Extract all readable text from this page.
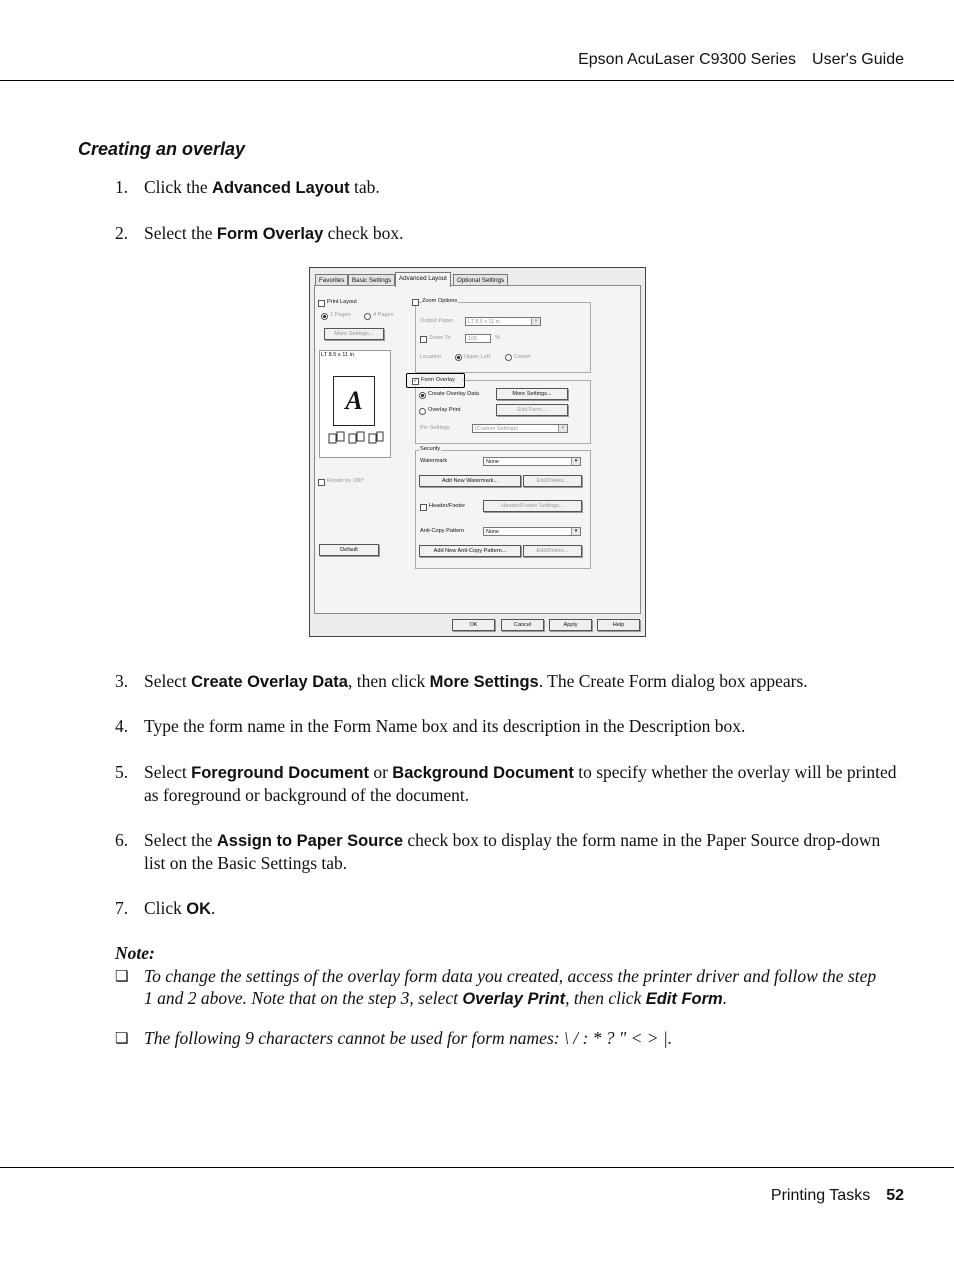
Epson AcuLaser C9300 Series User's Guide
Creating an overlay
1. Click the Advanced Layout tab.
2. Select the Form Overlay check box.
Favorites	Basic Settings	Advanced Layout	Optional Settings
Print Layout
2 Pages	4 Pages
More Settings...
LT 8.5 x 11 in
A
Rotate by 180°
Default
Zoom Options
Output Paper	LT 8.5 x 11 in	▾
Zoom To	100	%
Location	Upper Left	Center
✓ Form Overlay
Create Overlay Data	More Settings...
Overlay Print	Edit Form...
Pin Settings	(Custom Settings)	▾
Security
Watermark	None	▾
Add New Watermark...	Edit/Delete...
Header/Footer	Header/Footer Settings...
Anti-Copy Pattern	None	▾
Add New Anti-Copy Pattern...	Edit/Delete...
OK	Cancel	Apply	Help
3. Select Create Overlay Data, then click More Settings. The Create Form dialog box appears.
4. Type the form name in the Form Name box and its description in the Description box.
5. Select Foreground Document or Background Document to specify whether the overlay will be printed as foreground or background of the document.
6. Select the Assign to Paper Source check box to display the form name in the Paper Source drop-down list on the Basic Settings tab.
7. Click OK.
Note:
❏ To change the settings of the overlay form data you created, access the printer driver and follow the step 1 and 2 above. Note that on the step 3, select Overlay Print, then click Edit Form.
❏ The following 9 characters cannot be used for form names: \ / : * ? " < > |.
Printing Tasks 52
